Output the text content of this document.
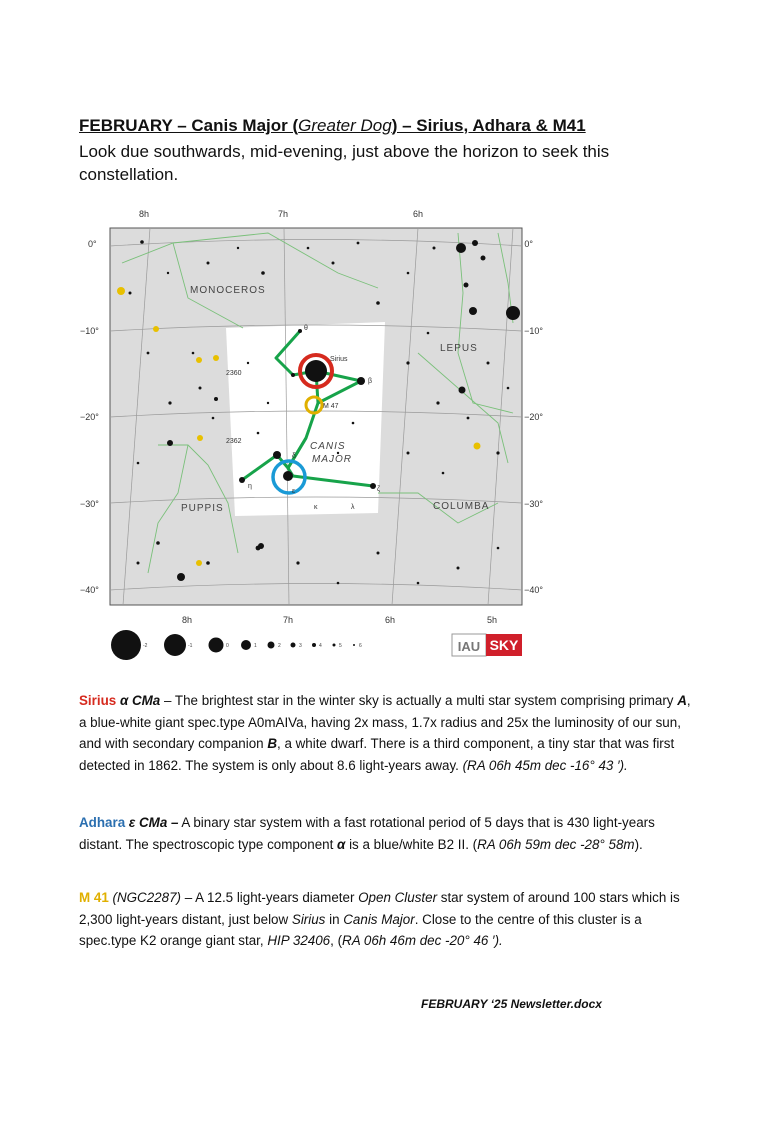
FEBRUARY – Canis Major (Greater Dog) – Sirius, Adhara & M41
Look due southwards, mid-evening, just above the horizon to seek this constellation.
8h	7h	6h
8h	7h	6h	5h
0°
−10°
−20°
−30°
−40°
0°
−10°
−20°
−30°
−40°
MONOCEROS
LEPUS
CANIS
MAJOR
PUPPIS	COLUMBA
Sirius
2360
2362
M 47
θ
β
ε
η	ζ
λ
κ
δ
-2	-1	0	1	2	3	4	5	6	IAU SKY
Sirius α CMa – The brightest star in the winter sky is actually a multi star system comprising primary A, a blue-white giant spec.type A0mAIVa, having 2x mass, 1.7x radius and 25x the luminosity of our sun, and with secondary companion B, a white dwarf. There is a third component, a tiny star that was first detected in 1862. The system is only about 8.6 light-years away. (RA 06h 45m dec -16° 43 ′).
Adhara ε CMa – A binary star system with a fast rotational period of 5 days that is 430 light-years distant. The spectroscopic type component α is a blue/white B2 II. (RA 06h 59m dec -28° 58m).
M 41 (NGC2287) – A 12.5 light-years diameter Open Cluster star system of around 100 stars which is 2,300 light-years distant, just below Sirius in Canis Major. Close to the centre of this cluster is a spec.type K2 orange giant star, HIP 32406, (RA 06h 46m dec -20° 46 ′).
FEBRUARY ‘25 Newsletter.docx
